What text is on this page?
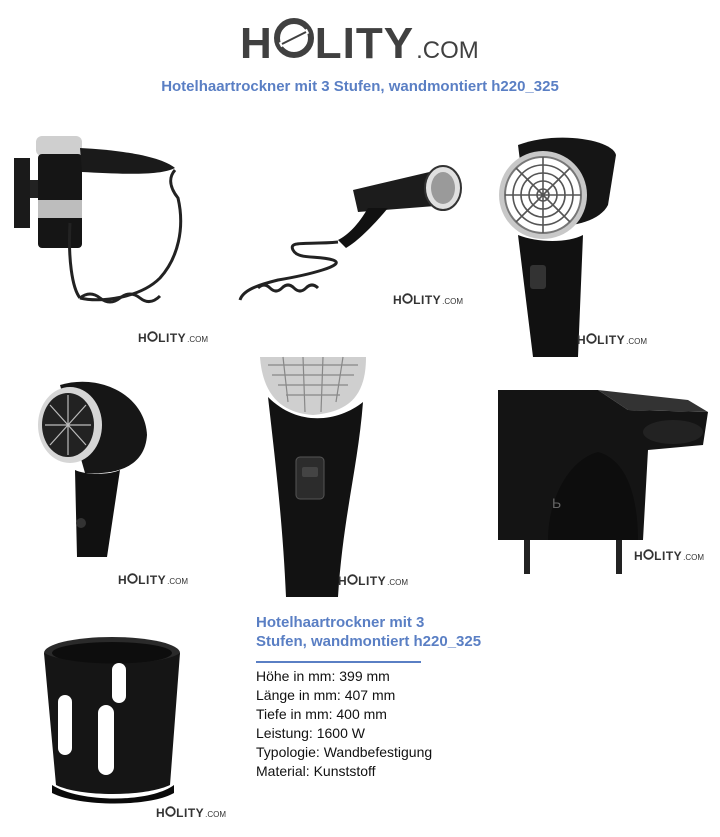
H LITY .COM
Hotelhaartrockner mit 3 Stufen, wandmontiert h220_325
H LITY .COM
H LITY .COM
H LITY .COM
H LITY .COM	H LITY .COM
Ь
H LITY .COM
H LITY .COM
Hotelhaartrockner mit 3
Stufen, wandmontiert h220_325
Höhe in mm: 399 mm
Länge in mm: 407 mm
Tiefe in mm: 400 mm
Leistung: 1600 W
Typologie: Wandbefestigung
Material: Kunststoff
